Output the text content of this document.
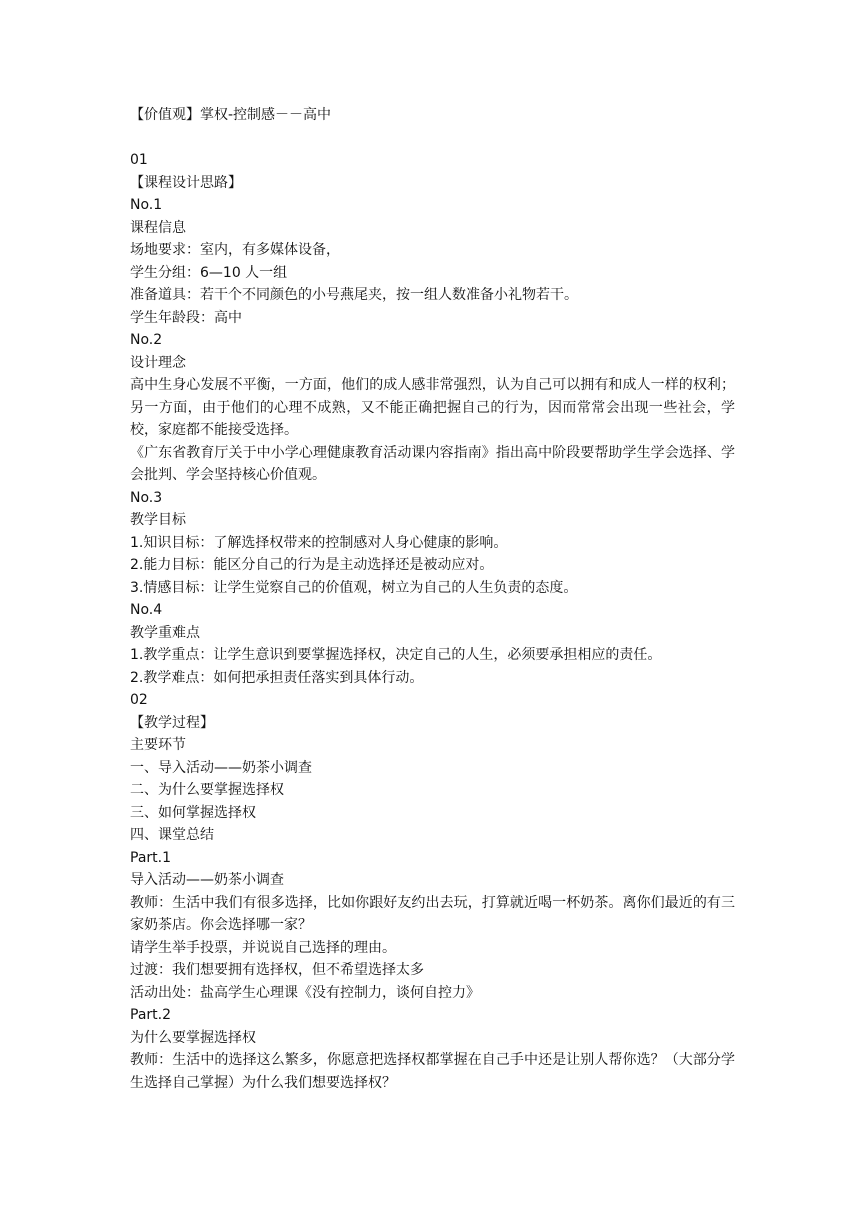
【价值观】掌权-控制感－－高中
01
【课程设计思路】
No.1
课程信息
场地要求：室内，有多媒体设备，
学生分组：6—10 人一组
准备道具：若干个不同颜色的小号燕尾夹，按一组人数准备小礼物若干。
学生年龄段：高中
No.2
设计理念
高中生身心发展不平衡，一方面，他们的成人感非常强烈，认为自己可以拥有和成人一样的权利；另一方面，由于他们的心理不成熟，又不能正确把握自己的行为，因而常常会出现一些社会，学校，家庭都不能接受选择。
《广东省教育厅关于中小学心理健康教育活动课内容指南》指出高中阶段要帮助学生学会选择、学会批判、学会坚持核心价值观。
No.3
教学目标
1.知识目标：了解选择权带来的控制感对人身心健康的影响。
2.能力目标：能区分自己的行为是主动选择还是被动应对。
3.情感目标：让学生觉察自己的价值观，树立为自己的人生负责的态度。
No.4
教学重难点
1.教学重点：让学生意识到要掌握选择权，决定自己的人生，必须要承担相应的责任。
2.教学难点：如何把承担责任落实到具体行动。
02
【教学过程】
主要环节
一、导入活动——奶茶小调查
二、为什么要掌握选择权
三、如何掌握选择权
四、课堂总结
Part.1
导入活动——奶茶小调查
教师：生活中我们有很多选择，比如你跟好友约出去玩，打算就近喝一杯奶茶。离你们最近的有三家奶茶店。你会选择哪一家？
请学生举手投票，并说说自己选择的理由。
过渡：我们想要拥有选择权，但不希望选择太多
活动出处：盐高学生心理课《没有控制力，谈何自控力》
Part.2
为什么要掌握选择权
教师：生活中的选择这么繁多，你愿意把选择权都掌握在自己手中还是让别人帮你选？（大部分学生选择自己掌握）为什么我们想要选择权？
